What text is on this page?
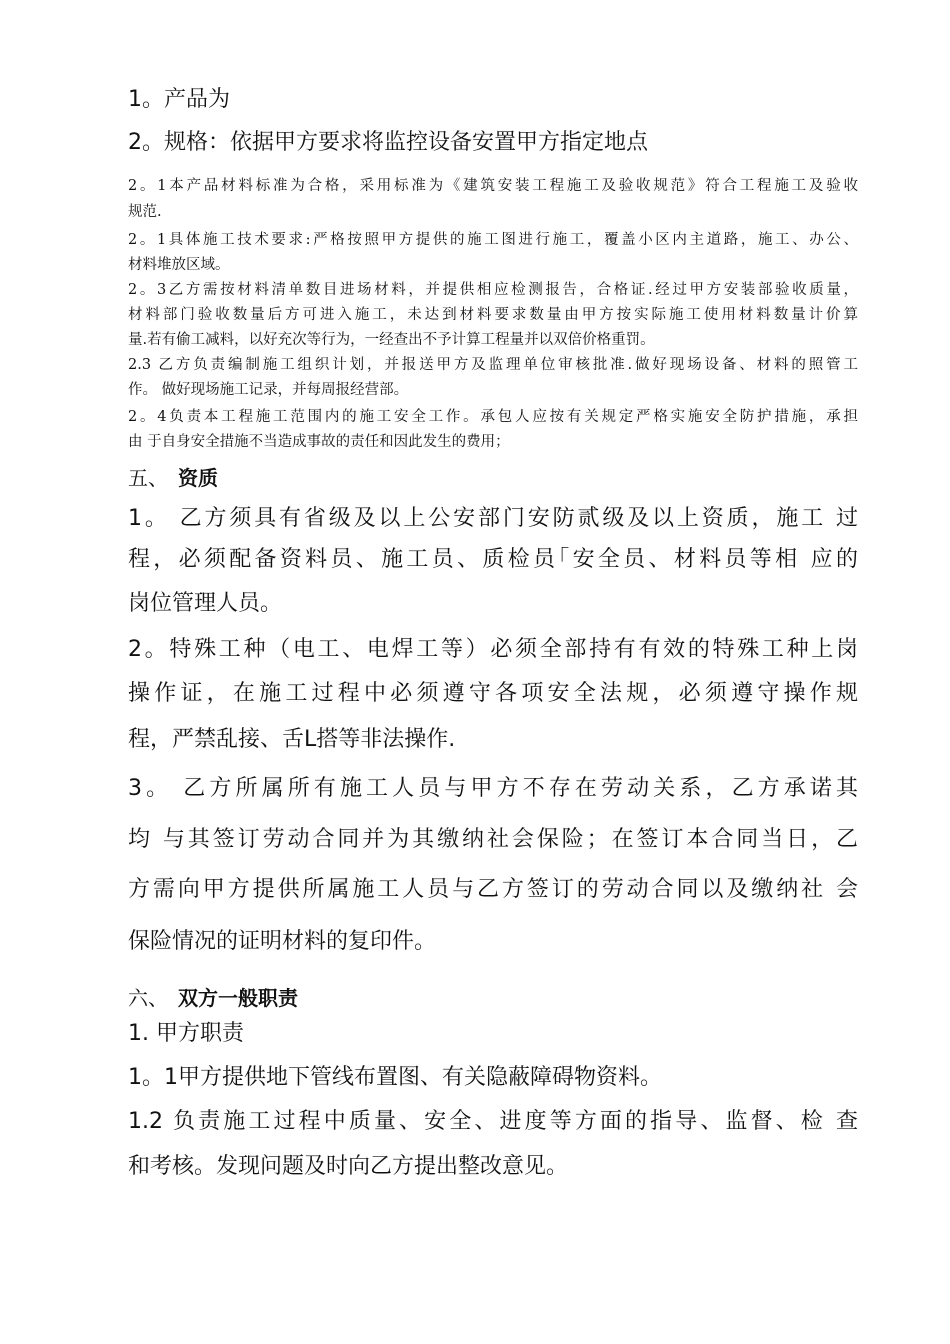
1。产品为
2。规格：依据甲方要求将监控设备安置甲方指定地点
2。1本产品材料标准为合格，采用标准为《建筑安装工程施工及验收规范》符合工程施工及验收
规范.
2。1具体施工技术要求:严格按照甲方提供的施工图进行施工，覆盖小区内主道路，施工、办公、
材料堆放区域。
2。3乙方需按材料清单数目进场材料，并提供相应检测报告，合格证.经过甲方安装部验收质量，
材料部门验收数量后方可进入施工，未达到材料要求数量由甲方按实际施工使用材料数量计价算
量.若有偷工减料，以好充次等行为，一经查出不予计算工程量并以双倍价格重罚。
2.3 乙方负责编制施工组织计划，并报送甲方及监理单位审核批准.做好现场设备、材料的照管工
作。 做好现场施工记录，并每周报经营部。
2。4负责本工程施工范围内的施工安全工作。承包人应按有关规定严格实施安全防护措施，承担
由 于自身安全措施不当造成事故的责任和因此发生的费用；
五、 资质
1。 乙方须具有省级及以上公安部门安防贰级及以上资质，施工 过
程，必须配备资料员、施工员、质检员｢安全员、材料员等相 应的
岗位管理人员。
2。特殊工种（电工、电焊工等）必须全部持有有效的特殊工种上岗
操作证，在施工过程中必须遵守各项安全法规，必须遵守操作规
程，严禁乱接、舌L搭等非法操作.
3。 乙方所属所有施工人员与甲方不存在劳动关系，乙方承诺其
均 与其签订劳动合同并为其缴纳社会保险；在签订本合同当日，乙
方需向甲方提供所属施工人员与乙方签订的劳动合同以及缴纳社 会
保险情况的证明材料的复印件。
六、 双方一般职责
1. 甲方职责
1。1甲方提供地下管线布置图、有关隐蔽障碍物资料。
1.2 负责施工过程中质量、安全、进度等方面的指导、监督、检 查
和考核。发现问题及时向乙方提出整改意见。
